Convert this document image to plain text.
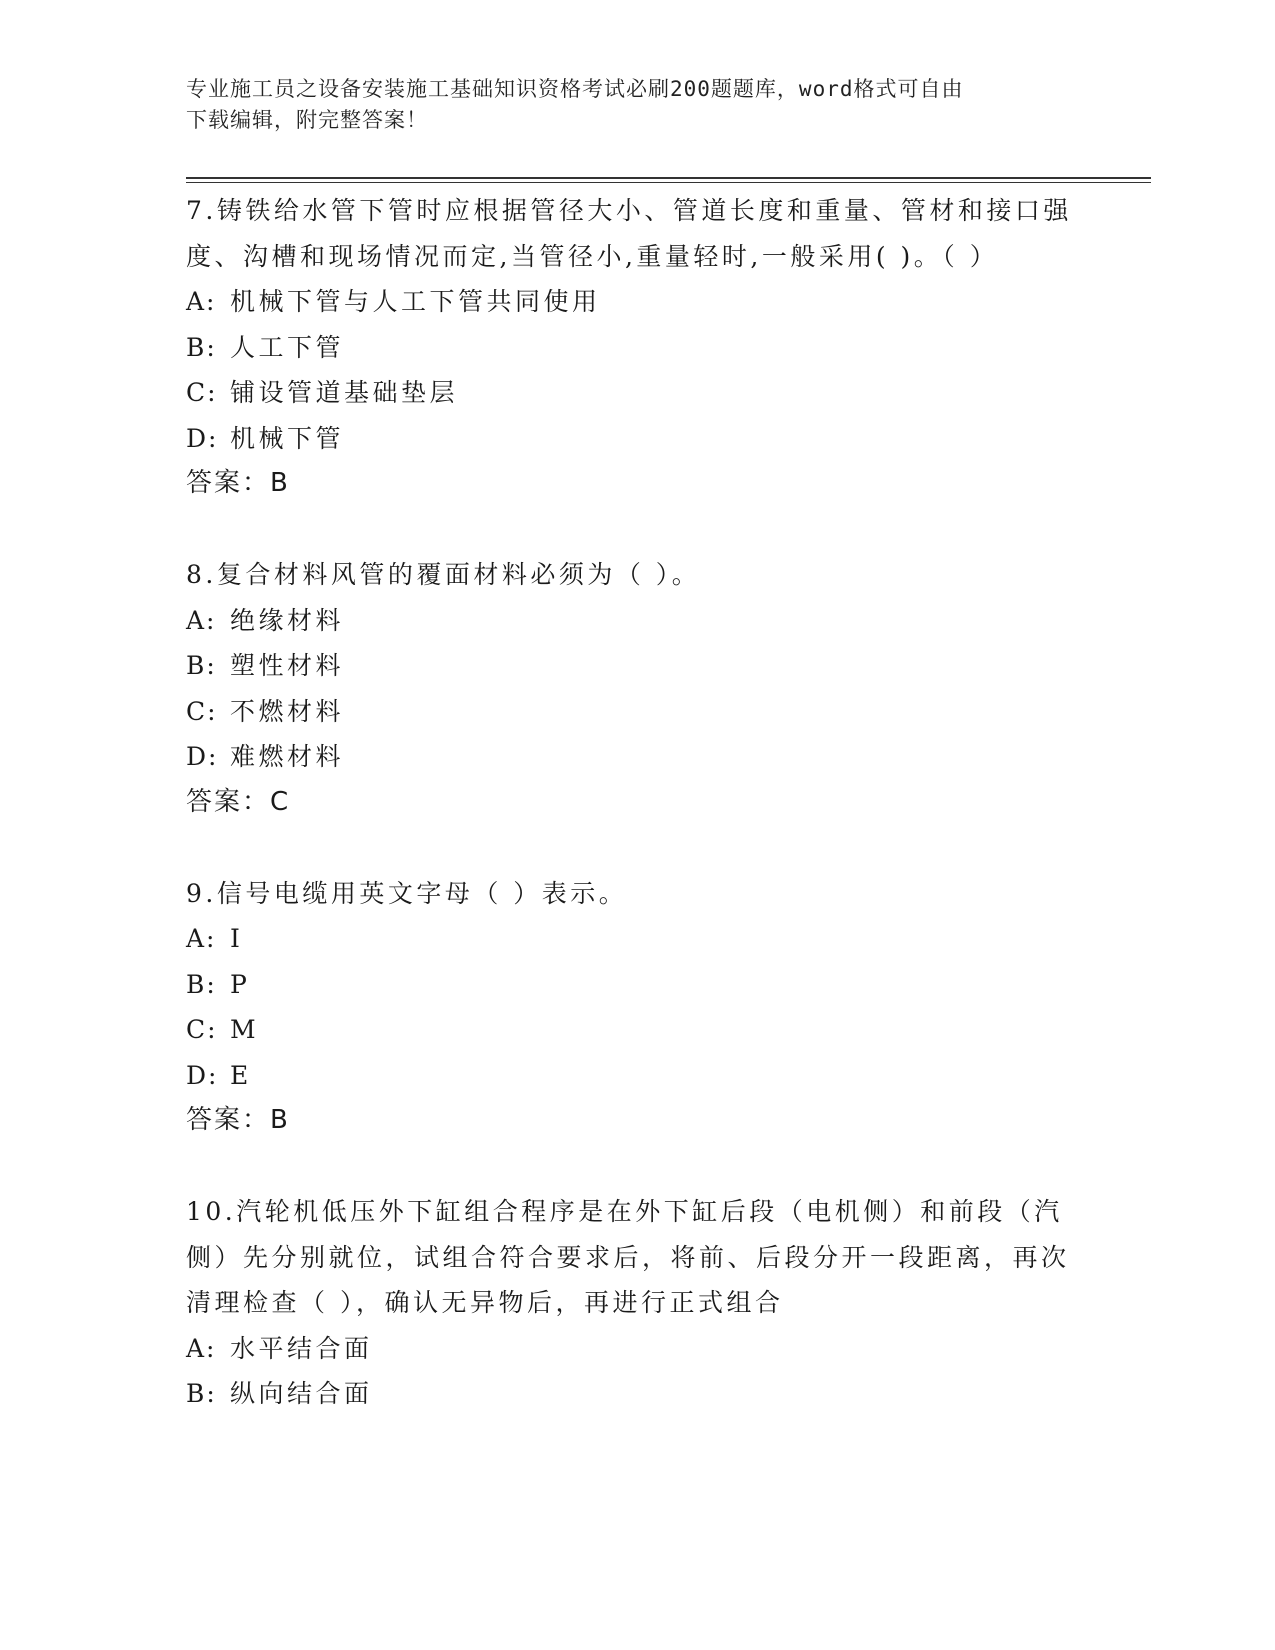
专业施工员之设备安装施工基础知识资格考试必刷200题题库，word格式可自由
下载编辑，附完整答案！

7.铸铁给水管下管时应根据管径大小、管道长度和重量、管材和接口强度、沟槽和现场情况而定,当管径小,重量轻时,一般采用( )。（ ）

A: 机械下管与人工下管共同使用

B: 人工下管

C: 铺设管道基础垫层

D: 机械下管

答案：B

8.复合材料风管的覆面材料必须为（ ）。

A: 绝缘材料

B: 塑性材料

C: 不燃材料

D: 难燃材料

答案：C

9.信号电缆用英文字母（ ）表示。

A: I

B: P

C: M

D: E

答案：B

10.汽轮机低压外下缸组合程序是在外下缸后段（电机侧）和前段（汽侧）先分别就位，试组合符合要求后，将前、后段分开一段距离，再次清理检查（ ），确认无异物后，再进行正式组合

A: 水平结合面

B: 纵向结合面
